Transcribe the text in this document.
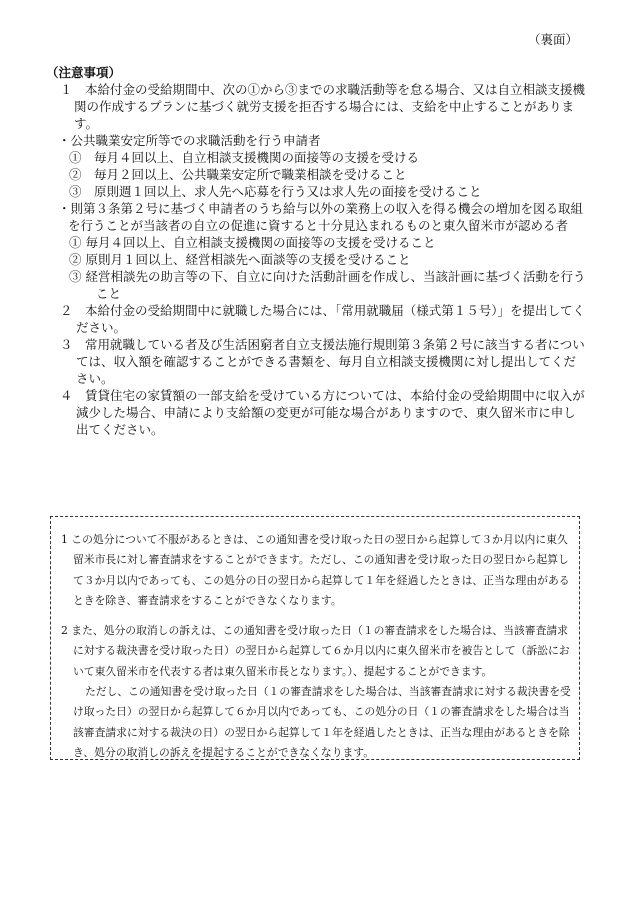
（裏面）

（注意事項）

１　本給付金の受給期間中、次の①から③までの求職活動等を怠る場合、又は自立相談支援機関の作成するプランに基づく就労支援を拒否する場合には、支給を中止することがあります。

・公共職業安定所等での求職活動を行う申請者

①　毎月４回以上、自立相談支援機関の面接等の支援を受ける

②　毎月２回以上、公共職業安定所で職業相談を受けること

③　原則週１回以上、求人先へ応募を行う又は求人先の面接を受けること

・則第３条第２号に基づく申請者のうち給与以外の業務上の収入を得る機会の増加を図る取組を行うことが当該者の自立の促進に資すると十分見込まれるものと東久留米市が認める者

① 毎月４回以上、自立相談支援機関の面接等の支援を受けること

② 原則月１回以上、経営相談先へ面談等の支援を受けること

③ 経営相談先の助言等の下、自立に向けた活動計画を作成し、当該計画に基づく活動を行うこと

２　本給付金の受給期間中に就職した場合には、「常用就職届（様式第１５号）」を提出してください。

３　常用就職している者及び生活困窮者自立支援法施行規則第３条第２号に該当する者については、収入額を確認することができる書類を、毎月自立相談支援機関に対し提出してください。

４　賃貸住宅の家賃額の一部支給を受けている方については、本給付金の受給期間中に収入が減少した場合、申請により支給額の変更が可能な場合がありますので、東久留米市に申し出てください。

1 この処分について不服があるときは、この通知書を受け取った日の翌日から起算して３か月以内に東久留米市長に対し審査請求をすることができます。ただし、この通知書を受け取った日の翌日から起算して３か月以内であっても、この処分の日の翌日から起算して１年を経過したときは、正当な理由があるときを除き、審査請求をすることができなくなります。

2 また、処分の取消しの訴えは、この通知書を受け取った日（１の審査請求をした場合は、当該審査請求に対する裁決書を受け取った日）の翌日から起算して６か月以内に東久留米市を被告として（訴訟において東久留米市を代表する者は東久留米市長となります。）、提起することができます。

ただし、この通知書を受け取った日（１の審査請求をした場合は、当該審査請求に対する裁決書を受け取った日）の翌日から起算して６か月以内であっても、この処分の日（１の審査請求をした場合は当該審査請求に対する裁決の日）の翌日から起算して１年を経過したときは、正当な理由があるときを除き、処分の取消しの訴えを提起することができなくなります。
